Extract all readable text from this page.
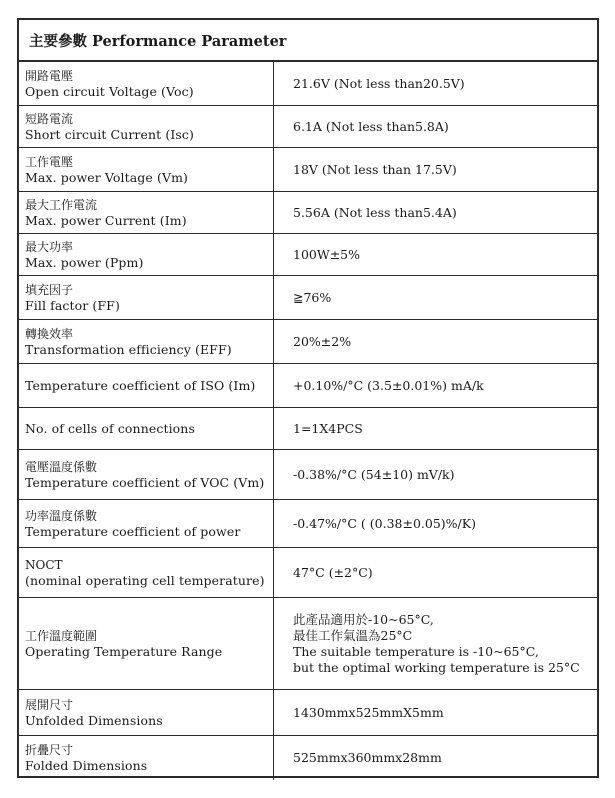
主要參數 Performance Parameter
開路電壓
Open circuit Voltage (Voc)
21.6V (Not less than20.5V)
短路電流
Short circuit Current (Isc)
6.1A (Not less than5.8A)
工作電壓
Max. power Voltage (Vm)
18V (Not less than 17.5V)
最大工作電流
Max. power Current (Im)
5.56A (Not less than5.4A)
最大功率
Max. power (Ppm)
100W±5%
填充因子
Fill factor (FF)
≧76%
轉換效率
Transformation efficiency (EFF)
20%±2%
Temperature coefficient of ISO (Im)	+0.10%/°C (3.5±0.01%) mA/k
No. of cells of connections	1=1X4PCS
電壓溫度係數
Temperature coefficient of VOC (Vm)
-0.38%/°C (54±10) mV/k)
功率溫度係數
Temperature coefficient of power
-0.47%/°C ( (0.38±0.05)%/K)
NOCT
(nominal operating cell temperature)
47°C (±2°C)
工作溫度範圍
Operating Temperature Range
此產品適用於-10~65°C,
最佳工作氣溫為25°C
The suitable temperature is -10~65°C,
but the optimal working temperature is 25°C
展開尺寸
Unfolded Dimensions
1430mmx525mmX5mm
折疊尺寸
Folded Dimensions
525mmx360mmx28mm
